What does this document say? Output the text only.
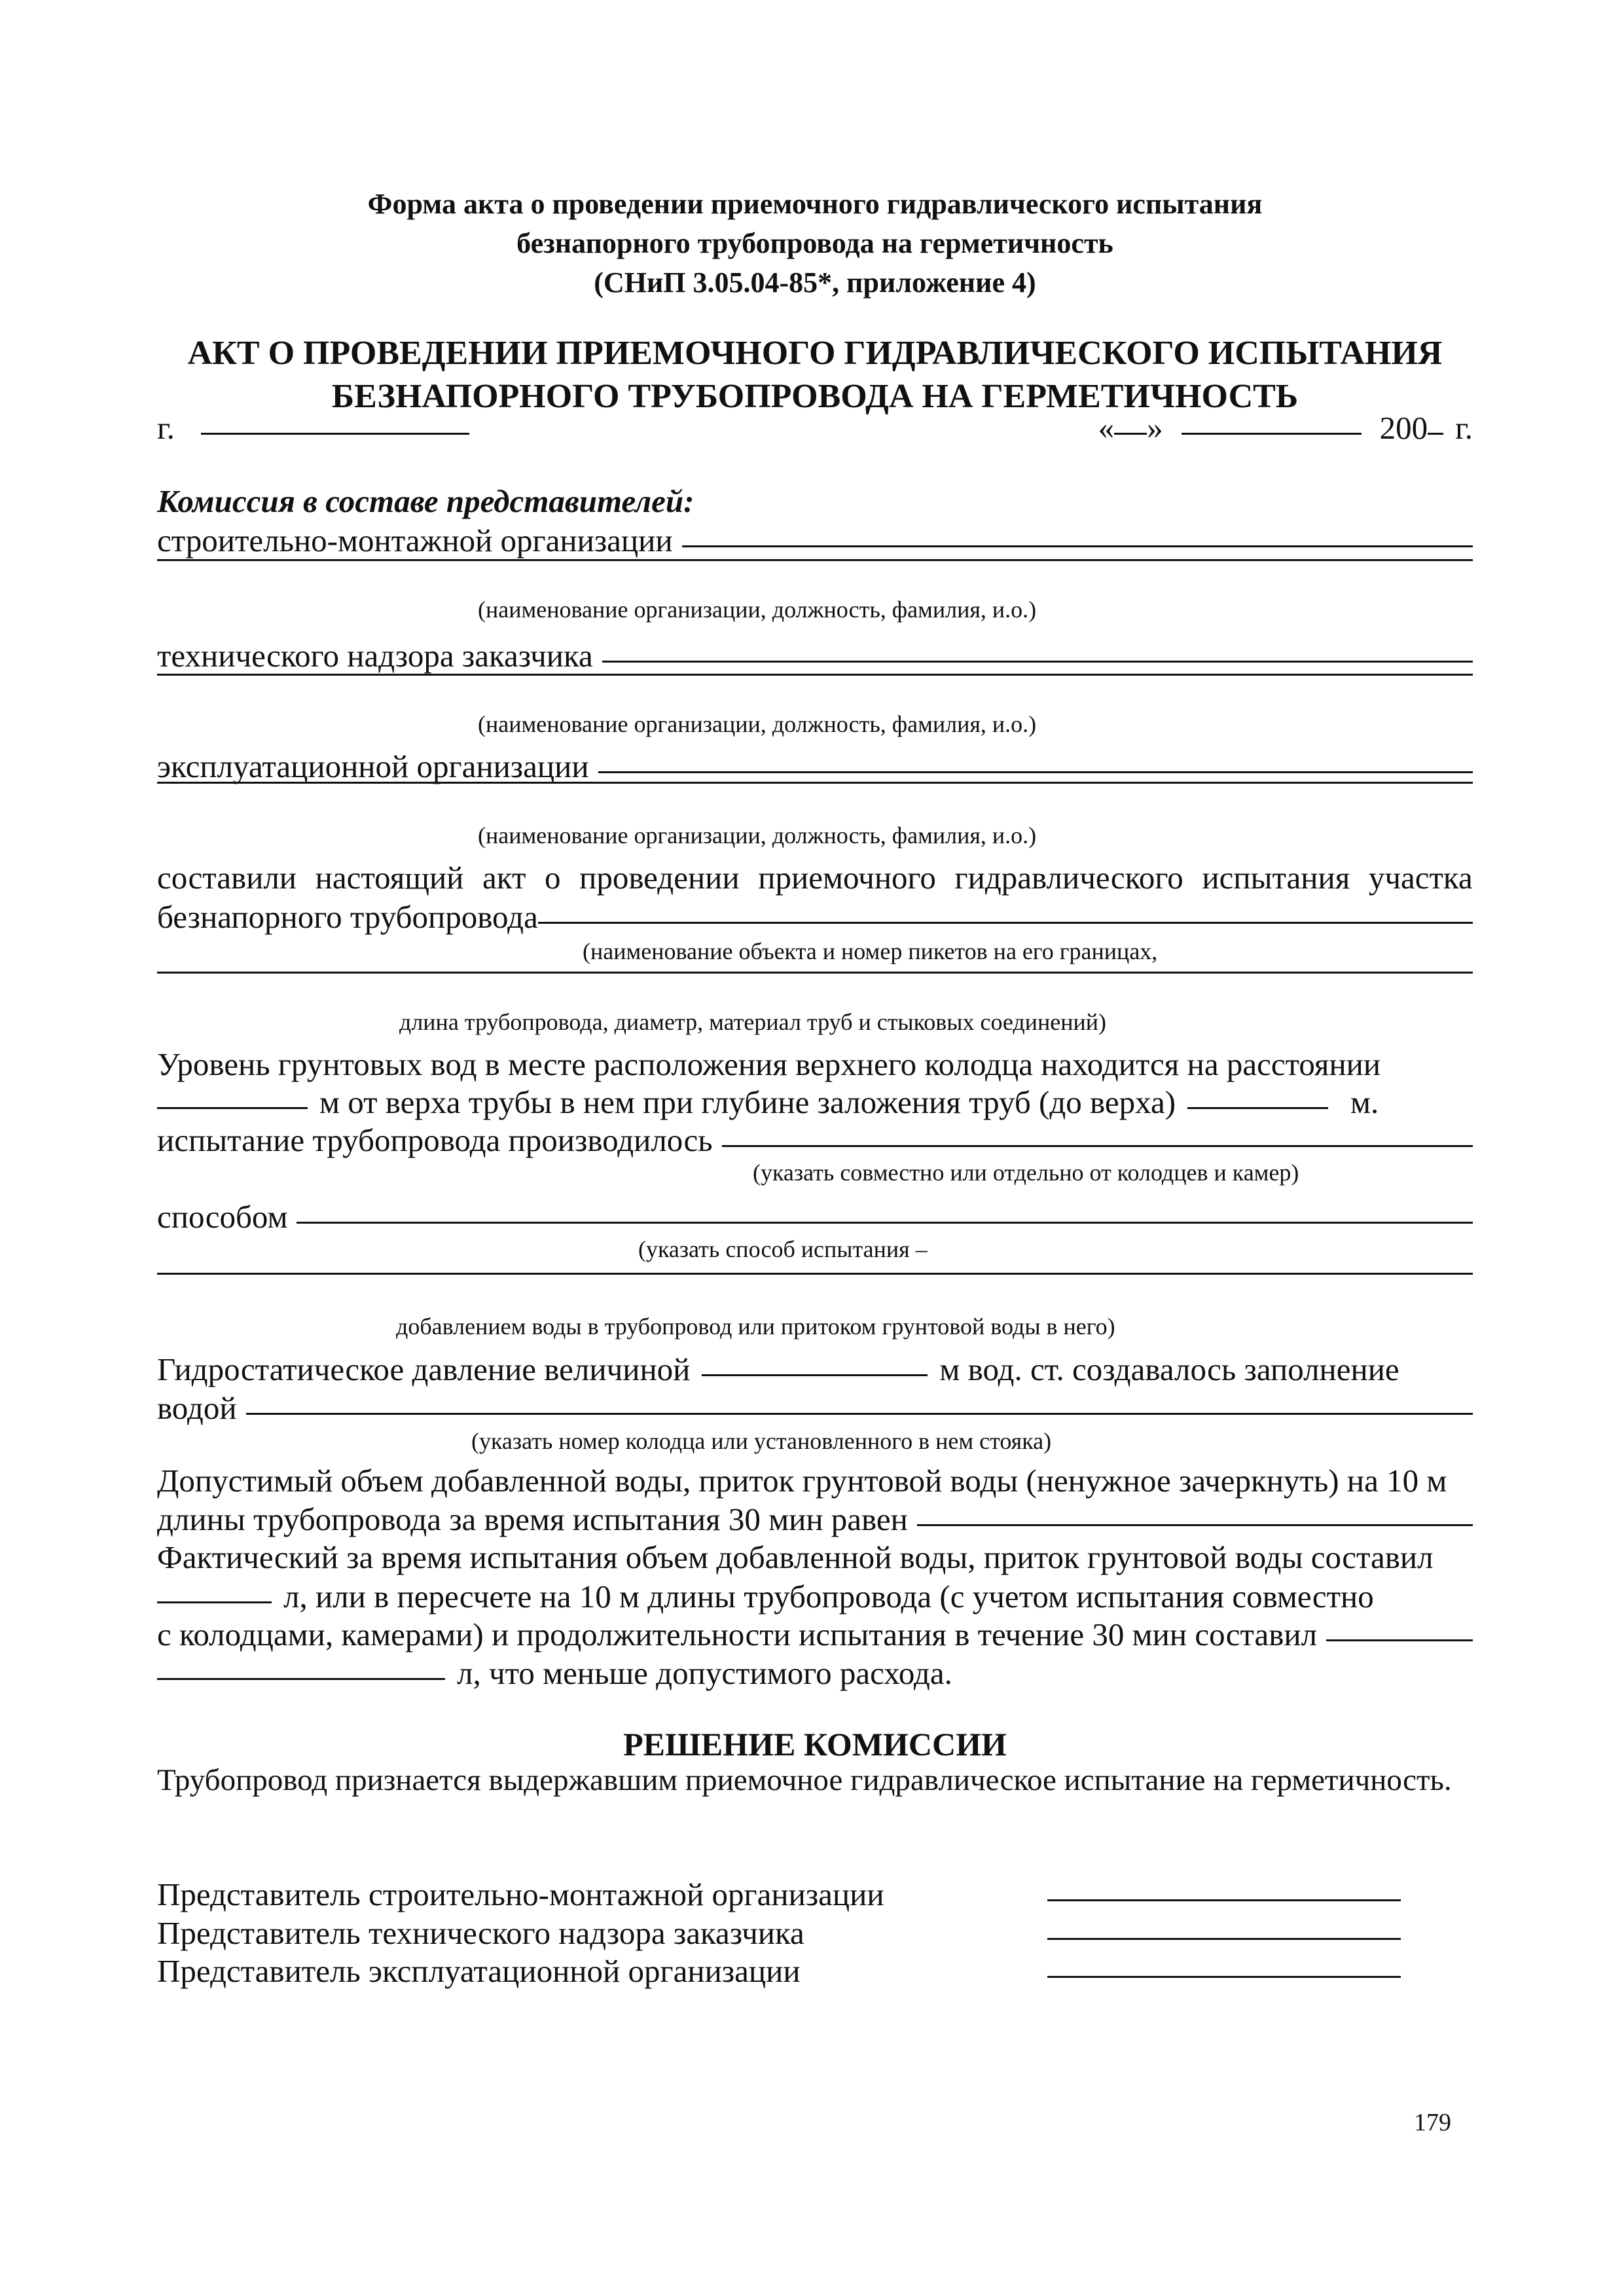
Форма акта о проведении приемочного гидравлического испытания
безнапорного трубопровода на герметичность
(СНиП 3.05.04-85*, приложение 4)
АКТ О ПРОВЕДЕНИИ ПРИЕМОЧНОГО ГИДРАВЛИЧЕСКОГО ИСПЫТАНИЯ
БЕЗНАПОРНОГО ТРУБОПРОВОДА НА ГЕРМЕТИЧНОСТЬ
г.	« »	200 г.
Комиссия в составе представителей:
строительно-монтажной организации
(наименование организации, должность, фамилия, и.о.)
технического надзора заказчика
(наименование организации, должность, фамилия, и.о.)
эксплуатационной организации
(наименование организации, должность, фамилия, и.о.)
составили настоящий акт о проведении приемочного гидравлического испытания участка
безнапорного трубопровода
(наименование объекта и номер пикетов на его границах,
длина трубопровода, диаметр, материал труб и стыковых соединений)
Уровень грунтовых вод в месте расположения верхнего колодца находится на расстоянии
м от верха трубы в нем при глубине заложения труб (до верха)	м.
испытание трубопровода производилось
(указать совместно или отдельно от колодцев и камер)
способом
(указать способ испытания –
добавлением воды в трубопровод или притоком грунтовой воды в него)
Гидростатическое давление величиной	м вод. ст. создавалось заполнение
водой
(указать номер колодца или установленного в нем стояка)
Допустимый объем добавленной воды, приток грунтовой воды (ненужное зачеркнуть) на 10 м
длины трубопровода за время испытания 30 мин равен
Фактический за время испытания объем добавленной воды, приток грунтовой воды составил
л, или в пересчете на 10 м длины трубопровода (с учетом испытания совместно
с колодцами, камерами) и продолжительности испытания в течение 30 мин составил
л, что меньше допустимого расхода.
РЕШЕНИЕ КОМИССИИ
Трубопровод признается выдержавшим приемочное гидравлическое испытание на герметичность.
Представитель строительно-монтажной организации
Представитель технического надзора заказчика
Представитель эксплуатационной организации
179
